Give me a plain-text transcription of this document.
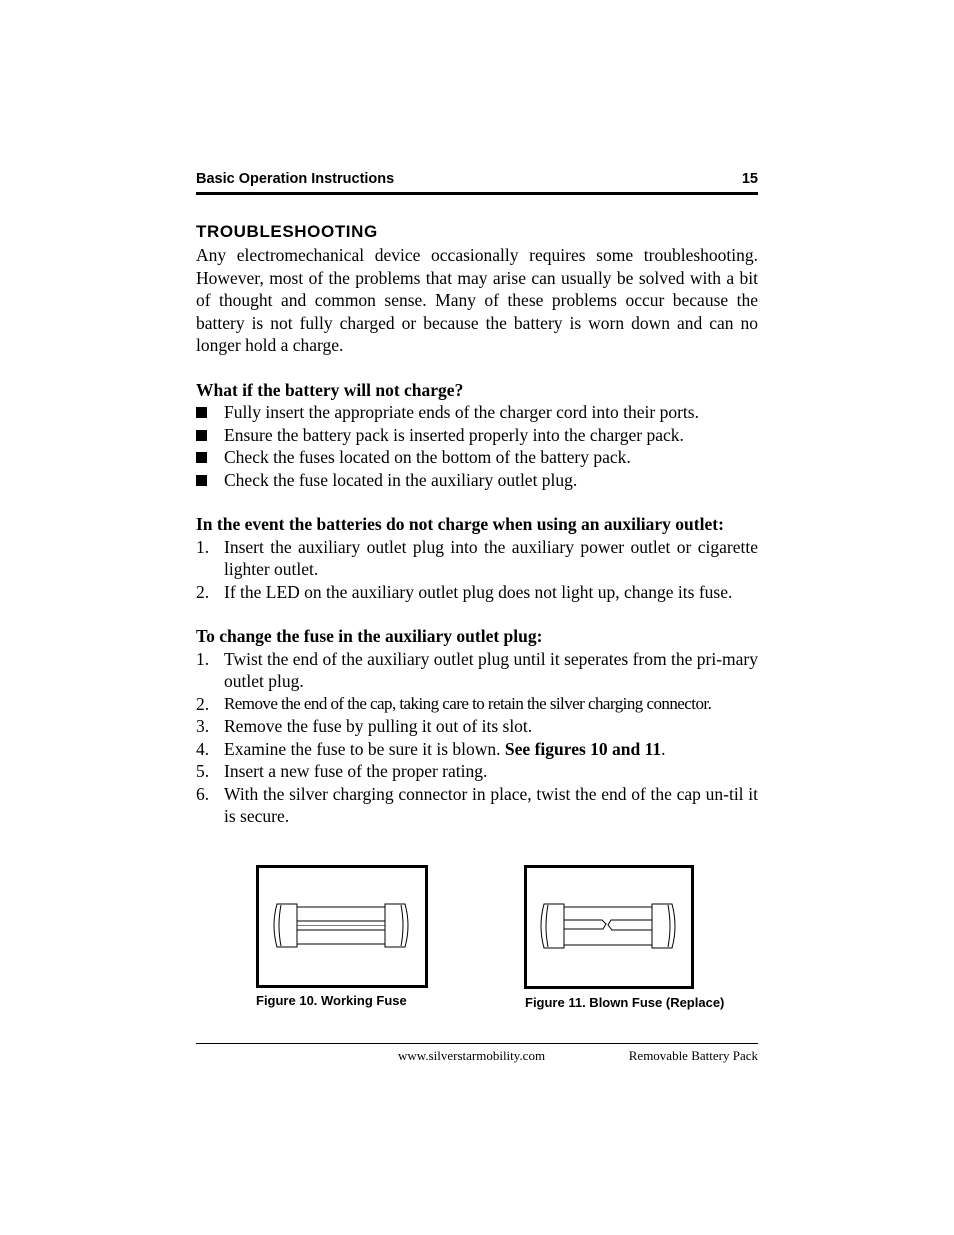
Basic Operation Instructions	15
TROUBLESHOOTING

Any electromechanical device occasionally requires some troubleshooting. However, most of the problems that may arise can usually be solved with a bit of thought and common sense. Many of these problems occur because the battery is not fully charged or because the battery is worn down and can no longer hold a charge.

What if the battery will not charge?

Fully insert the appropriate ends of the charger cord into their ports.
Ensure the battery pack is inserted properly into the charger pack.
Check the fuses located on the bottom of the battery pack.
Check the fuse located in the auxiliary outlet plug.

In the event the batteries do not charge when using an auxiliary outlet:

1. Insert the auxiliary outlet plug into the auxiliary power outlet or cigarette lighter outlet.
2. If the LED on the auxiliary outlet plug does not light up, change its fuse.

To change the fuse in the auxiliary outlet plug:

1. Twist the end of the auxiliary outlet plug until it seperates from the pri-mary outlet plug.
2. Remove the end of the cap, taking care to retain the silver charging connector.
3. Remove the fuse by pulling it out of its slot.
4. Examine the fuse to be sure it is blown. See figures 10 and 11.
5. Insert a new fuse of the proper rating.
6. With the silver charging connector in place, twist the end of the cap un-til it is secure.
Figure 10. Working Fuse	Figure 11. Blown Fuse (Replace)
www.silverstarmobility.com	Removable Battery Pack
